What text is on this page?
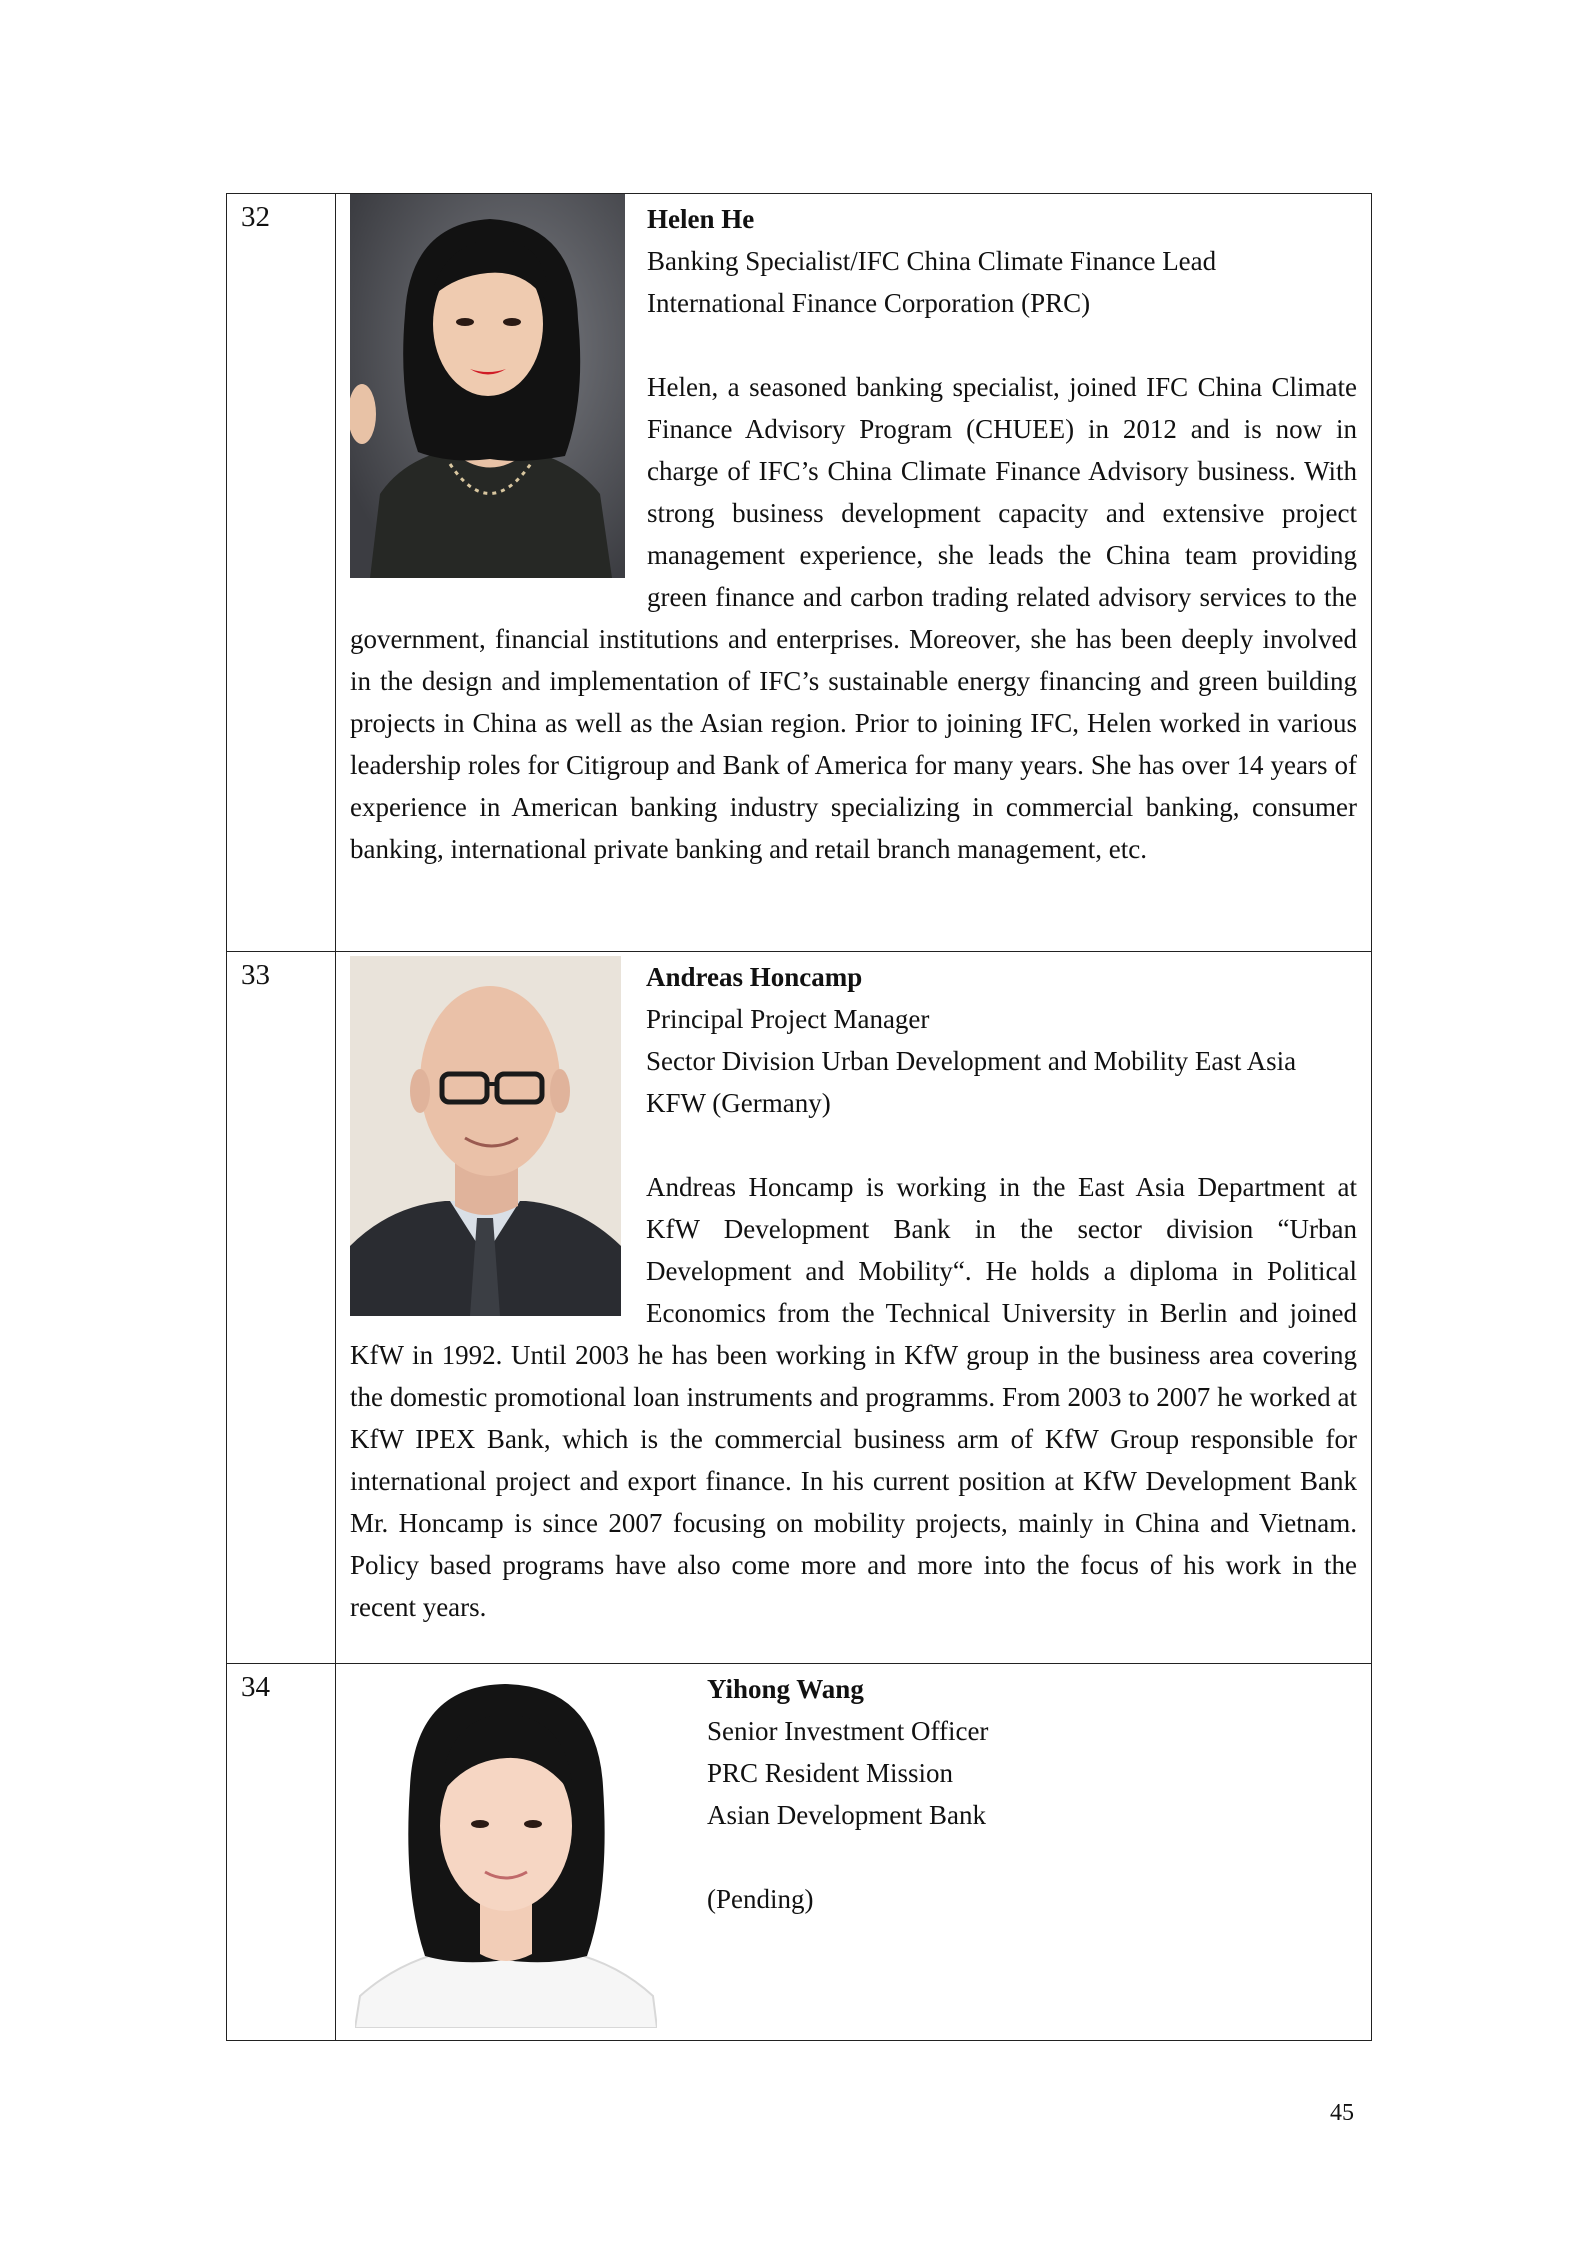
32	Helen He
Banking Specialist/IFC China Climate Finance Lead
International Finance Corporation (PRC)
Helen, a seasoned banking specialist, joined IFC China Climate Finance Advisory Program (CHUEE) in 2012 and is now in charge of IFC’s China Climate Finance Advisory business. With strong business development capacity and extensive project management experience, she leads the China team providing green finance and carbon trading related advisory services to the government, financial institutions and enterprises. Moreover, she has been deeply involved in the design and implementation of IFC’s sustainable energy financing and green building projects in China as well as the Asian region. Prior to joining IFC, Helen worked in various leadership roles for Citigroup and Bank of America for many years. She has over 14 years of experience in American banking industry specializing in commercial banking, consumer banking, international private banking and retail branch management, etc.
33	Andreas Honcamp
Principal Project Manager
Sector Division Urban Development and Mobility East Asia
KFW (Germany)
Andreas Honcamp is working in the East Asia Department at KfW Development Bank in the sector division “Urban Development and Mobility“. He holds a diploma in Political Economics from the Technical University in Berlin and joined KfW in 1992. Until 2003 he has been working in KfW group in the business area covering the domestic promotional loan instruments and programms. From 2003 to 2007 he worked at KfW IPEX Bank, which is the commercial business arm of KfW Group responsible for international project and export finance. In his current position at KfW Development Bank Mr. Honcamp is since 2007 focusing on mobility projects, mainly in China and Vietnam. Policy based programs have also come more and more into the focus of his work in the recent years.
34	Yihong Wang
Senior Investment Officer
PRC Resident Mission
Asian Development Bank
(Pending)
45
